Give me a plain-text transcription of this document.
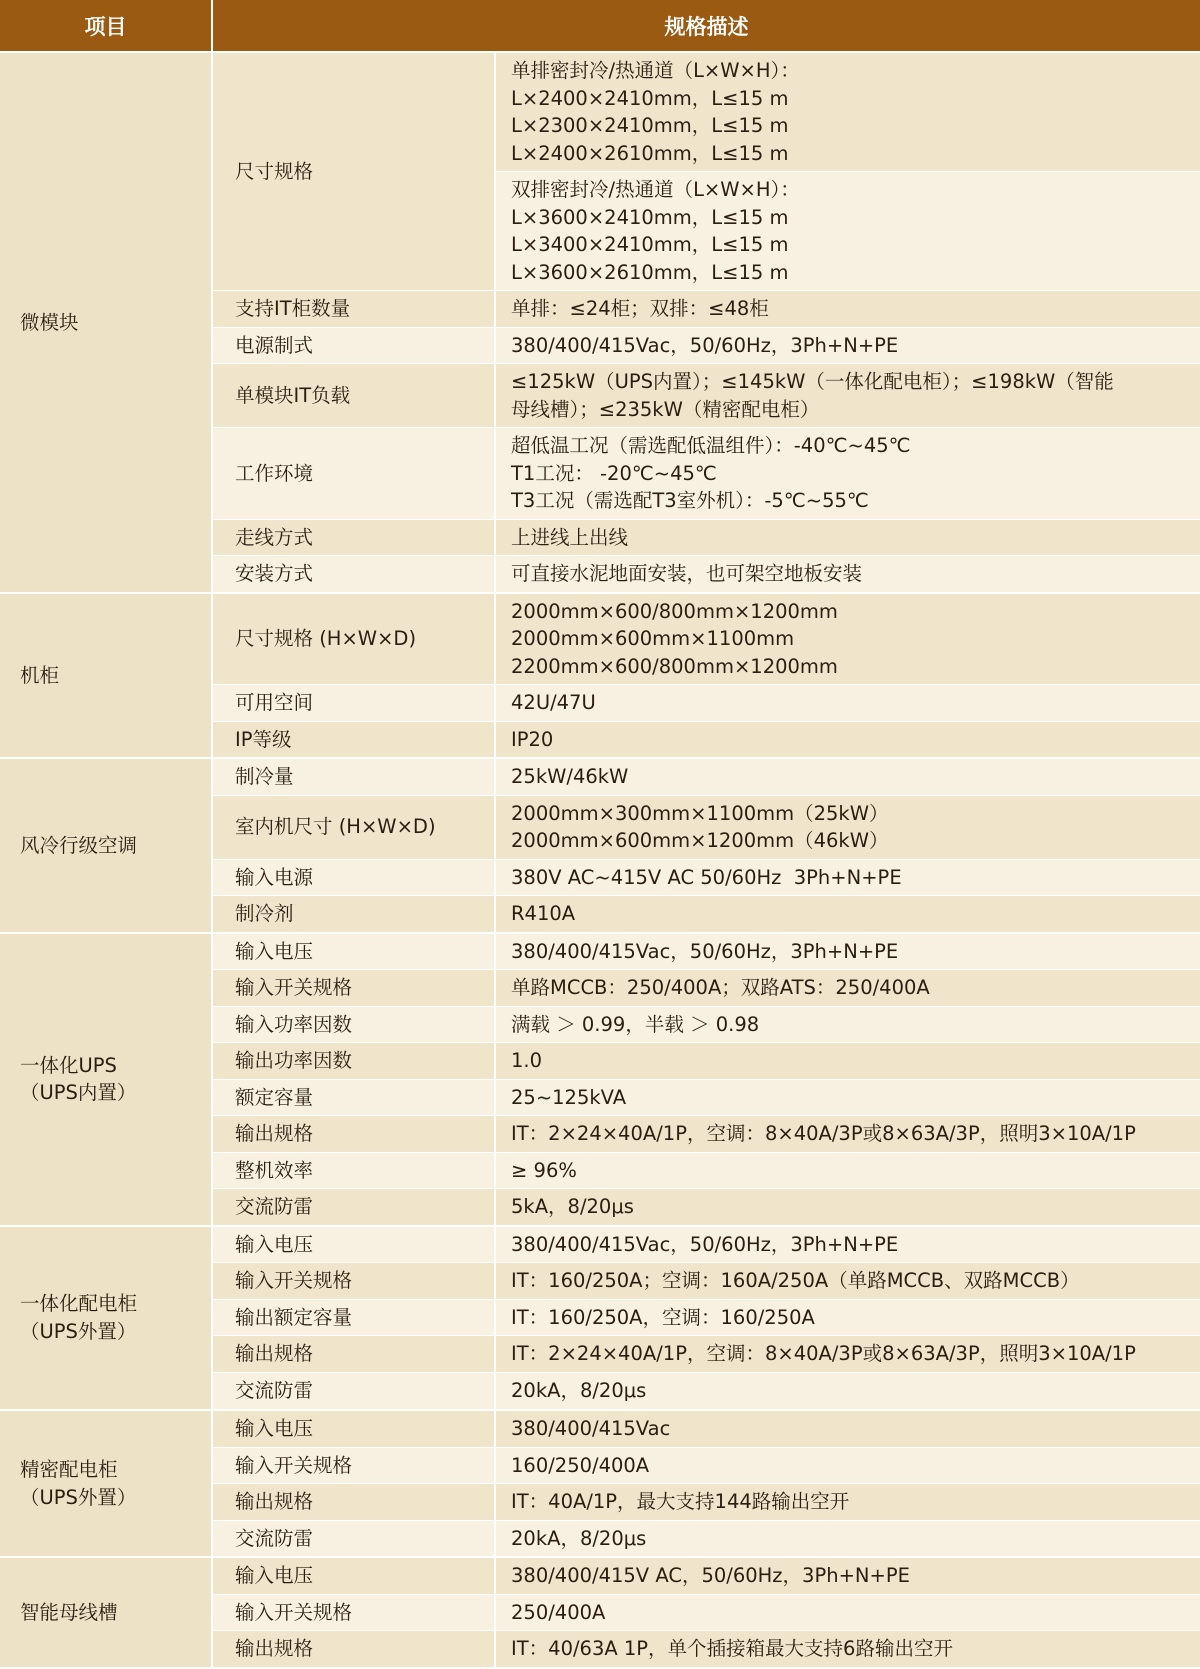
项目	规格描述	

微模块	尺寸规格	单排密封冷/热通道（L×W×H）：
L×2400×2410mm，L≤15 m
L×2300×2410mm，L≤15 m
L×2400×2610mm，L≤15 m

		双排密封冷/热通道（L×W×H）：
L×3600×2410mm，L≤15 m
L×3400×2410mm，L≤15 m
L×3600×2610mm，L≤15 m

	支持IT柜数量	单排：≤24柜；双排：≤48柜

	电源制式	380/400/415Vac，50/60Hz，3Ph+N+PE

	单模块IT负载	≤125kW（UPS内置）；≤145kW（一体化配电柜）；≤198kW（智能
母线槽）；≤235kW（精密配电柜）

	工作环境	超低温工况（需选配低温组件）：-40℃~45℃
T1工况： -20℃~45℃
T3工况（需选配T3室外机）：-5℃~55℃

	走线方式	上进线上出线

	安装方式	可直接水泥地面安装，也可架空地板安装

机柜	尺寸规格 (H×W×D)	2000mm×600/800mm×1200mm
2000mm×600mm×1100mm
2200mm×600/800mm×1200mm

	可用空间	42U/47U

	IP等级	IP20

风冷行级空调	制冷量	25kW/46kW

	室内机尺寸 (H×W×D)	2000mm×300mm×1100mm（25kW）
2000mm×600mm×1200mm（46kW）

	输入电源	380V AC~415V AC 50/60Hz  3Ph+N+PE

	制冷剂	R410A

一体化UPS
（UPS内置）	输入电压	380/400/415Vac，50/60Hz，3Ph+N+PE

	输入开关规格	单路MCCB：250/400A；双路ATS：250/400A

	输入功率因数	满载 ＞ 0.99，半载 ＞ 0.98

	输出功率因数	1.0

	额定容量	25~125kVA

	输出规格	IT：2×24×40A/1P，空调：8×40A/3P或8×63A/3P，照明3×10A/1P

	整机效率	≥ 96%

	交流防雷	5kA，8/20μs

一体化配电柜
（UPS外置）	输入电压	380/400/415Vac，50/60Hz，3Ph+N+PE

	输入开关规格	IT：160/250A；空调：160A/250A（单路MCCB、双路MCCB）

	输出额定容量	IT：160/250A，空调：160/250A

	输出规格	IT：2×24×40A/1P，空调：8×40A/3P或8×63A/3P，照明3×10A/1P

	交流防雷	20kA，8/20μs

精密配电柜
（UPS外置）	输入电压	380/400/415Vac

	输入开关规格	160/250/400A

	输出规格	IT：40A/1P，最大支持144路输出空开

	交流防雷	20kA，8/20μs

智能母线槽	输入电压	380/400/415V AC，50/60Hz，3Ph+N+PE

	输入开关规格	250/400A

	输出规格	IT：40/63A 1P，单个插接箱最大支持6路输出空开
